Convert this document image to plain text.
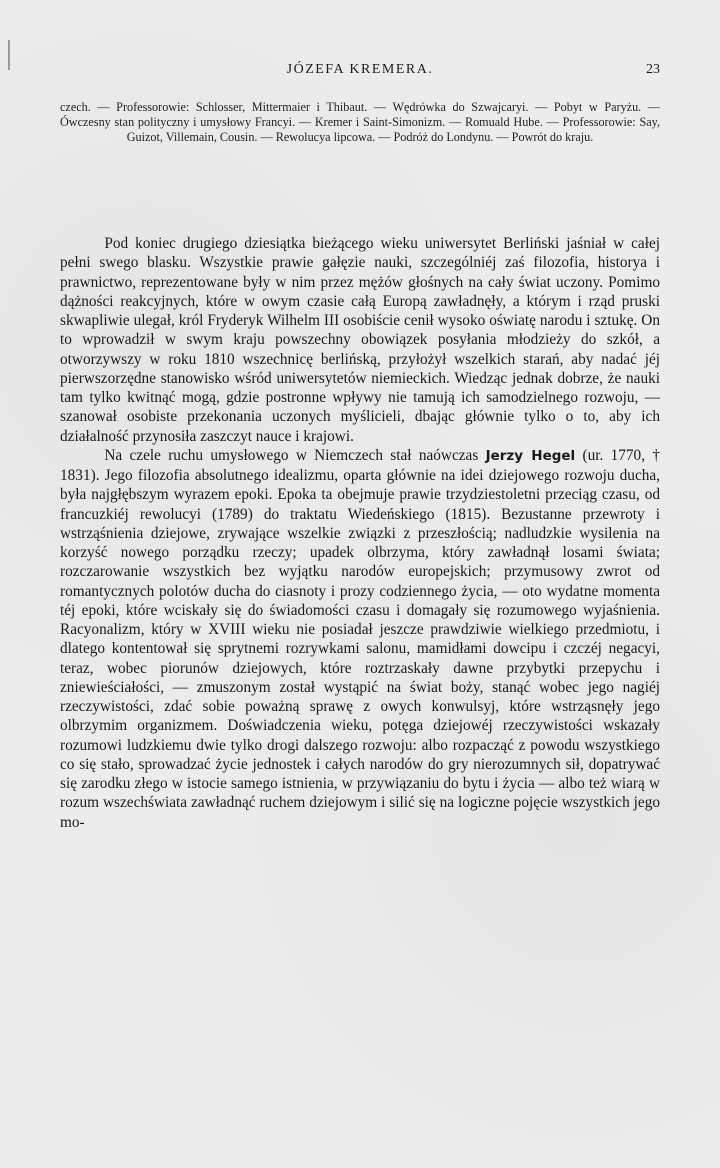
JÓZEFA KREMERA.	23
czech. — Professorowie: Schlosser, Mittermaier i Thibaut. — Wędrówka do Szwajcaryi. — Pobyt w Paryżu. — Ówczesny stan polityczny i umysłowy Francyi. — Kremer i Saint-Simonizm. — Romuald Hube. — Professorowie: Say, Guizot, Villemain, Cousin. — Rewolucya lipcowa. — Podróż do Londynu. — Powrót do kraju.

Pod koniec drugiego dziesiątka bieżącego wieku uniwersytet Berliński jaśniał w całej pełni swego blasku. Wszystkie prawie gałęzie nauki, szczególniéj zaś filozofia, historya i prawnictwo, reprezentowane były w nim przez mężów głośnych na cały świat uczony. Pomimo dążności reakcyjnych, które w owym czasie całą Europą zawładnęły, a którym i rząd pruski skwapliwie ulegał, król Fryderyk Wilhelm III osobiście cenił wysoko oświatę narodu i sztukę. On to wprowadził w swym kraju powszechny obowiązek posyłania młodzieży do szkół, a otworzywszy w roku 1810 wszechnicę berlińską, przyłożył wszelkich starań, aby nadać jéj pierwszorzędne stanowisko wśród uniwersytetów niemieckich. Wiedząc jednak dobrze, że nauki tam tylko kwitnąć mogą, gdzie postronne wpływy nie tamują ich samodzielnego rozwoju, — szanował osobiste przekonania uczonych myślicieli, dbając głównie tylko o to, aby ich działalność przynosiła zaszczyt nauce i krajowi.

Na czele ruchu umysłowego w Niemczech stał naówczas Jerzy Hegel (ur. 1770, † 1831). Jego filozofia absolutnego idealizmu, oparta głównie na idei dziejowego rozwoju ducha, była najgłębszym wyrazem epoki. Epoka ta obejmuje prawie trzydziestoletni przeciąg czasu, od francuzkiéj rewolucyi (1789) do traktatu Wiedeńskiego (1815). Bezustanne przewroty i wstrząśnienia dziejowe, zrywające wszelkie związki z przeszłością; nadludzkie wysilenia na korzyść nowego porządku rzeczy; upadek olbrzyma, który zawładnął losami świata; rozczarowanie wszystkich bez wyjątku narodów europejskich; przymusowy zwrot od romantycznych polotów ducha do ciasnoty i prozy codziennego życia, — oto wydatne momenta téj epoki, które wciskały się do świadomości czasu i domagały się rozumowego wyjaśnienia. Racyonalizm, który w XVIII wieku nie posiadał jeszcze prawdziwie wielkiego przedmiotu, i dlatego kontentował się sprytnemi rozrywkami salonu, mamidłami dowcipu i czczéj negacyi, teraz, wobec piorunów dziejowych, które roztrzaskały dawne przybytki przepychu i zniewieściałości, — zmuszonym został wystąpić na świat boży, stanąć wobec jego nagiéj rzeczywistości, zdać sobie poważną sprawę z owych konwulsyj, które wstrząsnęły jego olbrzymim organizmem. Doświadczenia wieku, potęga dziejowéj rzeczywistości wskazały rozumowi ludzkiemu dwie tylko drogi dalszego rozwoju: albo rozpacząć z powodu wszystkiego co się stało, sprowadzać życie jednostek i całych narodów do gry nierozumnych sił, dopatrywać się zarodku złego w istocie samego istnienia, w przywiązaniu do bytu i życia — albo też wiarą w rozum wszechświata zawładnąć ruchem dziejowym i silić się na logiczne pojęcie wszystkich jego mo-
